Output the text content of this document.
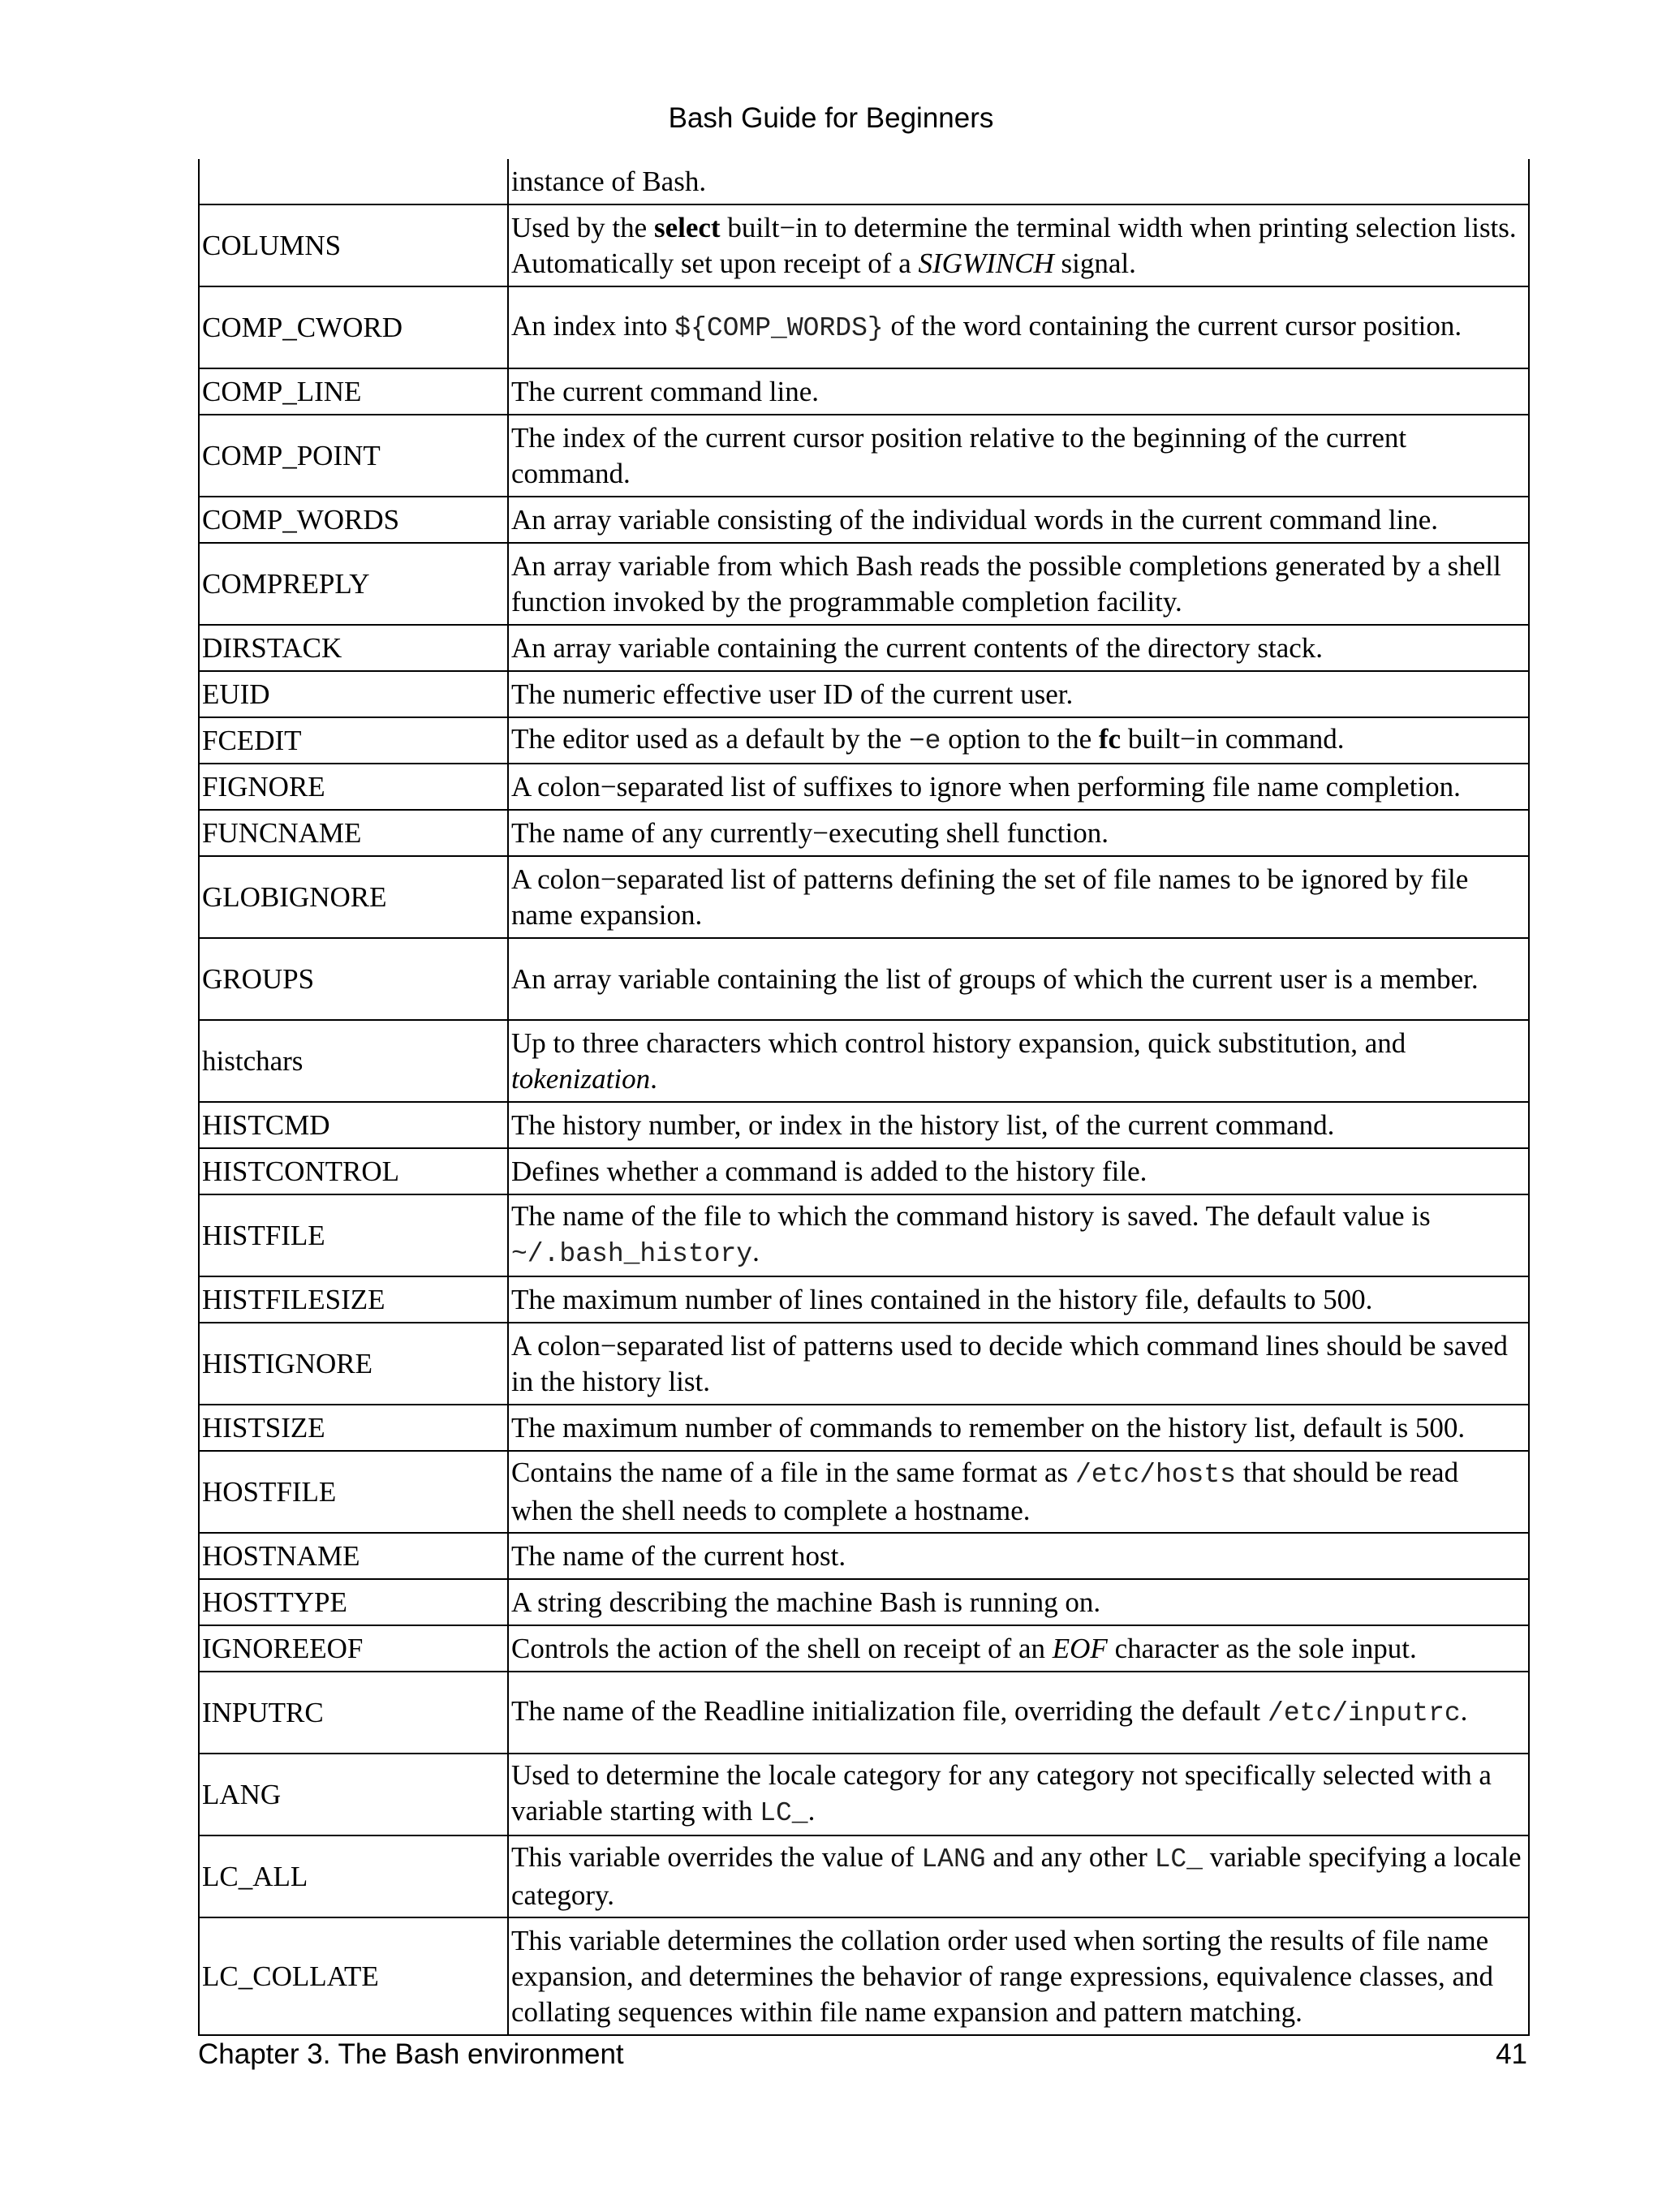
Bash Guide for Beginners
	instance of Bash.
COLUMNS	Used by the select built−in to determine the terminal width when printing selection lists. Automatically set upon receipt of a SIGWINCH signal.
COMP_CWORD	An index into ${COMP_WORDS} of the word containing the current cursor position.
COMP_LINE	The current command line.
COMP_POINT	The index of the current cursor position relative to the beginning of the current command.
COMP_WORDS	An array variable consisting of the individual words in the current command line.
COMPREPLY	An array variable from which Bash reads the possible completions generated by a shell function invoked by the programmable completion facility.
DIRSTACK	An array variable containing the current contents of the directory stack.
EUID	The numeric effective user ID of the current user.
FCEDIT	The editor used as a default by the −e option to the fc built−in command.
FIGNORE	A colon−separated list of suffixes to ignore when performing file name completion.
FUNCNAME	The name of any currently−executing shell function.
GLOBIGNORE	A colon−separated list of patterns defining the set of file names to be ignored by file name expansion.
GROUPS	An array variable containing the list of groups of which the current user is a member.
histchars	Up to three characters which control history expansion, quick substitution, and tokenization.
HISTCMD	The history number, or index in the history list, of the current command.
HISTCONTROL	Defines whether a command is added to the history file.
HISTFILE	The name of the file to which the command history is saved. The default value is ~/.bash_history.
HISTFILESIZE	The maximum number of lines contained in the history file, defaults to 500.
HISTIGNORE	A colon−separated list of patterns used to decide which command lines should be saved in the history list.
HISTSIZE	The maximum number of commands to remember on the history list, default is 500.
HOSTFILE	Contains the name of a file in the same format as /etc/hosts that should be read when the shell needs to complete a hostname.
HOSTNAME	The name of the current host.
HOSTTYPE	A string describing the machine Bash is running on.
IGNOREEOF	Controls the action of the shell on receipt of an EOF character as the sole input.
INPUTRC	The name of the Readline initialization file, overriding the default /etc/inputrc.
LANG	Used to determine the locale category for any category not specifically selected with a variable starting with LC_.
LC_ALL	This variable overrides the value of LANG and any other LC_ variable specifying a locale category.
LC_COLLATE	This variable determines the collation order used when sorting the results of file name expansion, and determines the behavior of range expressions, equivalence classes, and collating sequences within file name expansion and pattern matching.
Chapter 3. The Bash environment	41
